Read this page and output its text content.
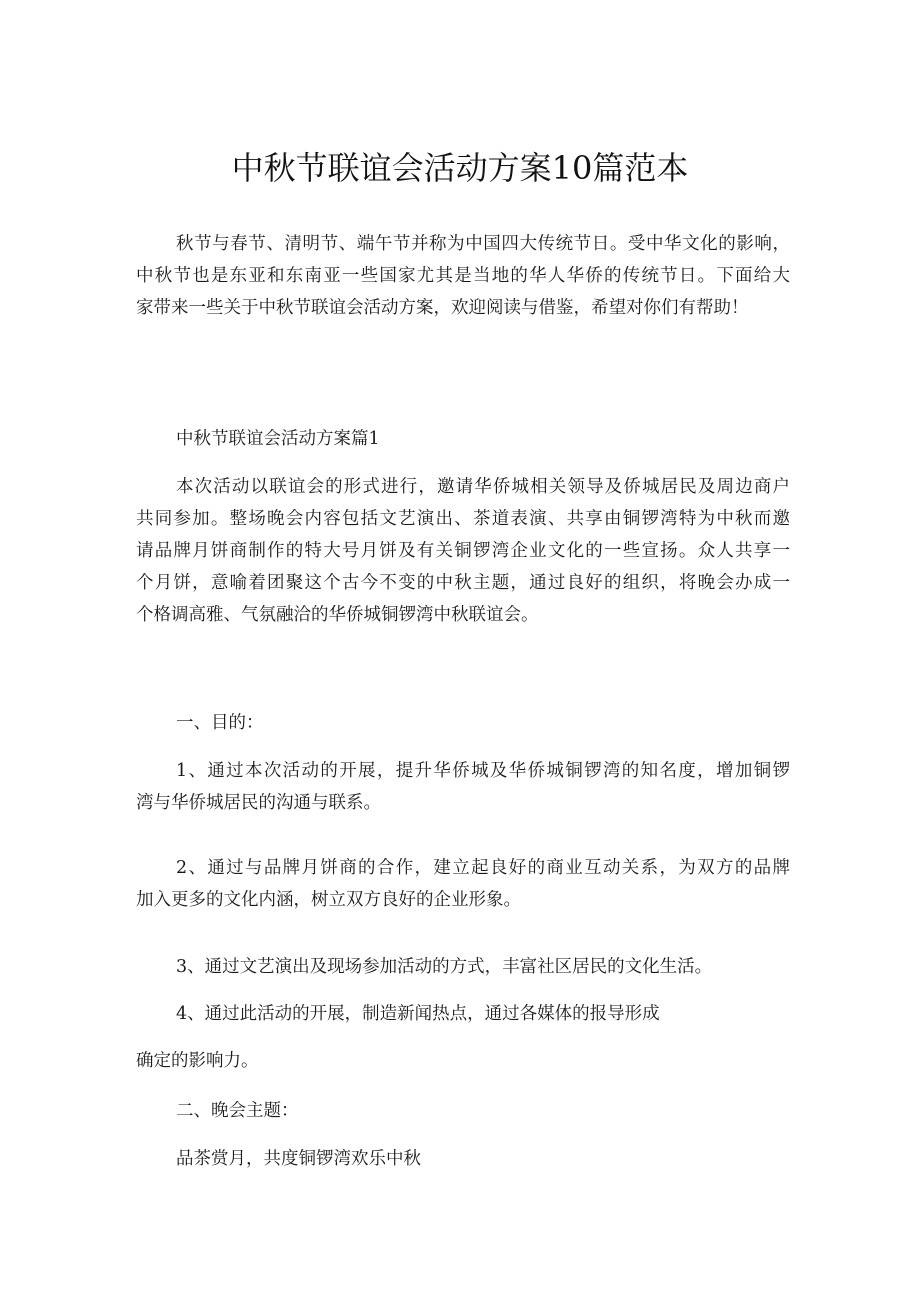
中秋节联谊会活动方案10篇范本
秋节与春节、清明节、端午节并称为中国四大传统节日。受中华文化的影响，
中秋节也是东亚和东南亚一些国家尤其是当地的华人华侨的传统节日。下面给大
家带来一些关于中秋节联谊会活动方案，欢迎阅读与借鉴，希望对你们有帮助！

中秋节联谊会活动方案篇1

本次活动以联谊会的形式进行，邀请华侨城相关领导及侨城居民及周边商户
共同参加。整场晚会内容包括文艺演出、茶道表演、共享由铜锣湾特为中秋而邀
请品牌月饼商制作的特大号月饼及有关铜锣湾企业文化的一些宣扬。众人共享一
个月饼，意喻着团聚这个古今不变的中秋主题，通过良好的组织，将晚会办成一
个格调高雅、气氛融洽的华侨城铜锣湾中秋联谊会。

一、目的：

1、通过本次活动的开展，提升华侨城及华侨城铜锣湾的知名度，增加铜锣
湾与华侨城居民的沟通与联系。
2、通过与品牌月饼商的合作，建立起良好的商业互动关系，为双方的品牌
加入更多的文化内涵，树立双方良好的企业形象。

3、通过文艺演出及现场参加活动的方式，丰富社区居民的文化生活。

4、通过此活动的开展，制造新闻热点，通过各媒体的报导形成

确定的影响力。

二、晚会主题：

品茶赏月，共度铜锣湾欢乐中秋
